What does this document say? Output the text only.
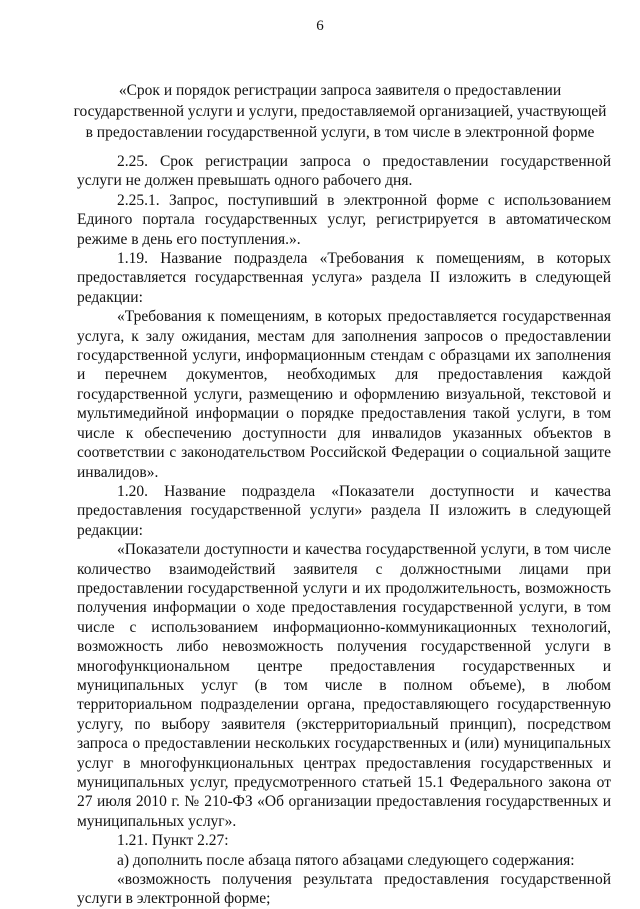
6
«Срок и порядок регистрации запроса заявителя о предоставлении государственной услуги и услуги, предоставляемой организацией, участвующей в предоставлении государственной услуги, в том числе в электронной форме

2.25. Срок регистрации запроса о предоставлении государственной услуги не должен превышать одного рабочего дня.

2.25.1. Запрос, поступивший в электронной форме с использованием Единого портала государственных услуг, регистрируется в автоматическом режиме в день его поступления.».

1.19. Название подраздела «Требования к помещениям, в которых предоставляется государственная услуга» раздела II изложить в следующей редакции:

«Требования к помещениям, в которых предоставляется государственная услуга, к залу ожидания, местам для заполнения запросов о предоставлении государственной услуги, информационным стендам с образцами их заполнения и перечнем документов, необходимых для предоставления каждой государственной услуги, размещению и оформлению визуальной, текстовой и мультимедийной информации о порядке предоставления такой услуги, в том числе к обеспечению доступности для инвалидов указанных объектов в соответствии с законодательством Российской Федерации о социальной защите инвалидов».

1.20. Название подраздела «Показатели доступности и качества предоставления государственной услуги» раздела II изложить в следующей редакции:

«Показатели доступности и качества государственной услуги, в том числе количество взаимодействий заявителя с должностными лицами при предоставлении государственной услуги и их продолжительность, возможность получения информации о ходе предоставления государственной услуги, в том числе с использованием информационно-коммуникационных технологий, возможность либо невозможность получения государственной услуги в многофункциональном центре предоставления государственных и муниципальных услуг (в том числе в полном объеме), в любом территориальном подразделении органа, предоставляющего государственную услугу, по выбору заявителя (экстерриториальный принцип), посредством запроса о предоставлении нескольких государственных и (или) муниципальных услуг в многофункциональных центрах предоставления государственных и муниципальных услуг, предусмотренного статьей 15.1 Федерального закона от 27 июля 2010 г. № 210-ФЗ «Об организации предоставления государственных и муниципальных услуг».

1.21. Пункт 2.27:

а) дополнить после абзаца пятого абзацами следующего содержания:

«возможность получения результата предоставления государственной услуги в электронной форме;
